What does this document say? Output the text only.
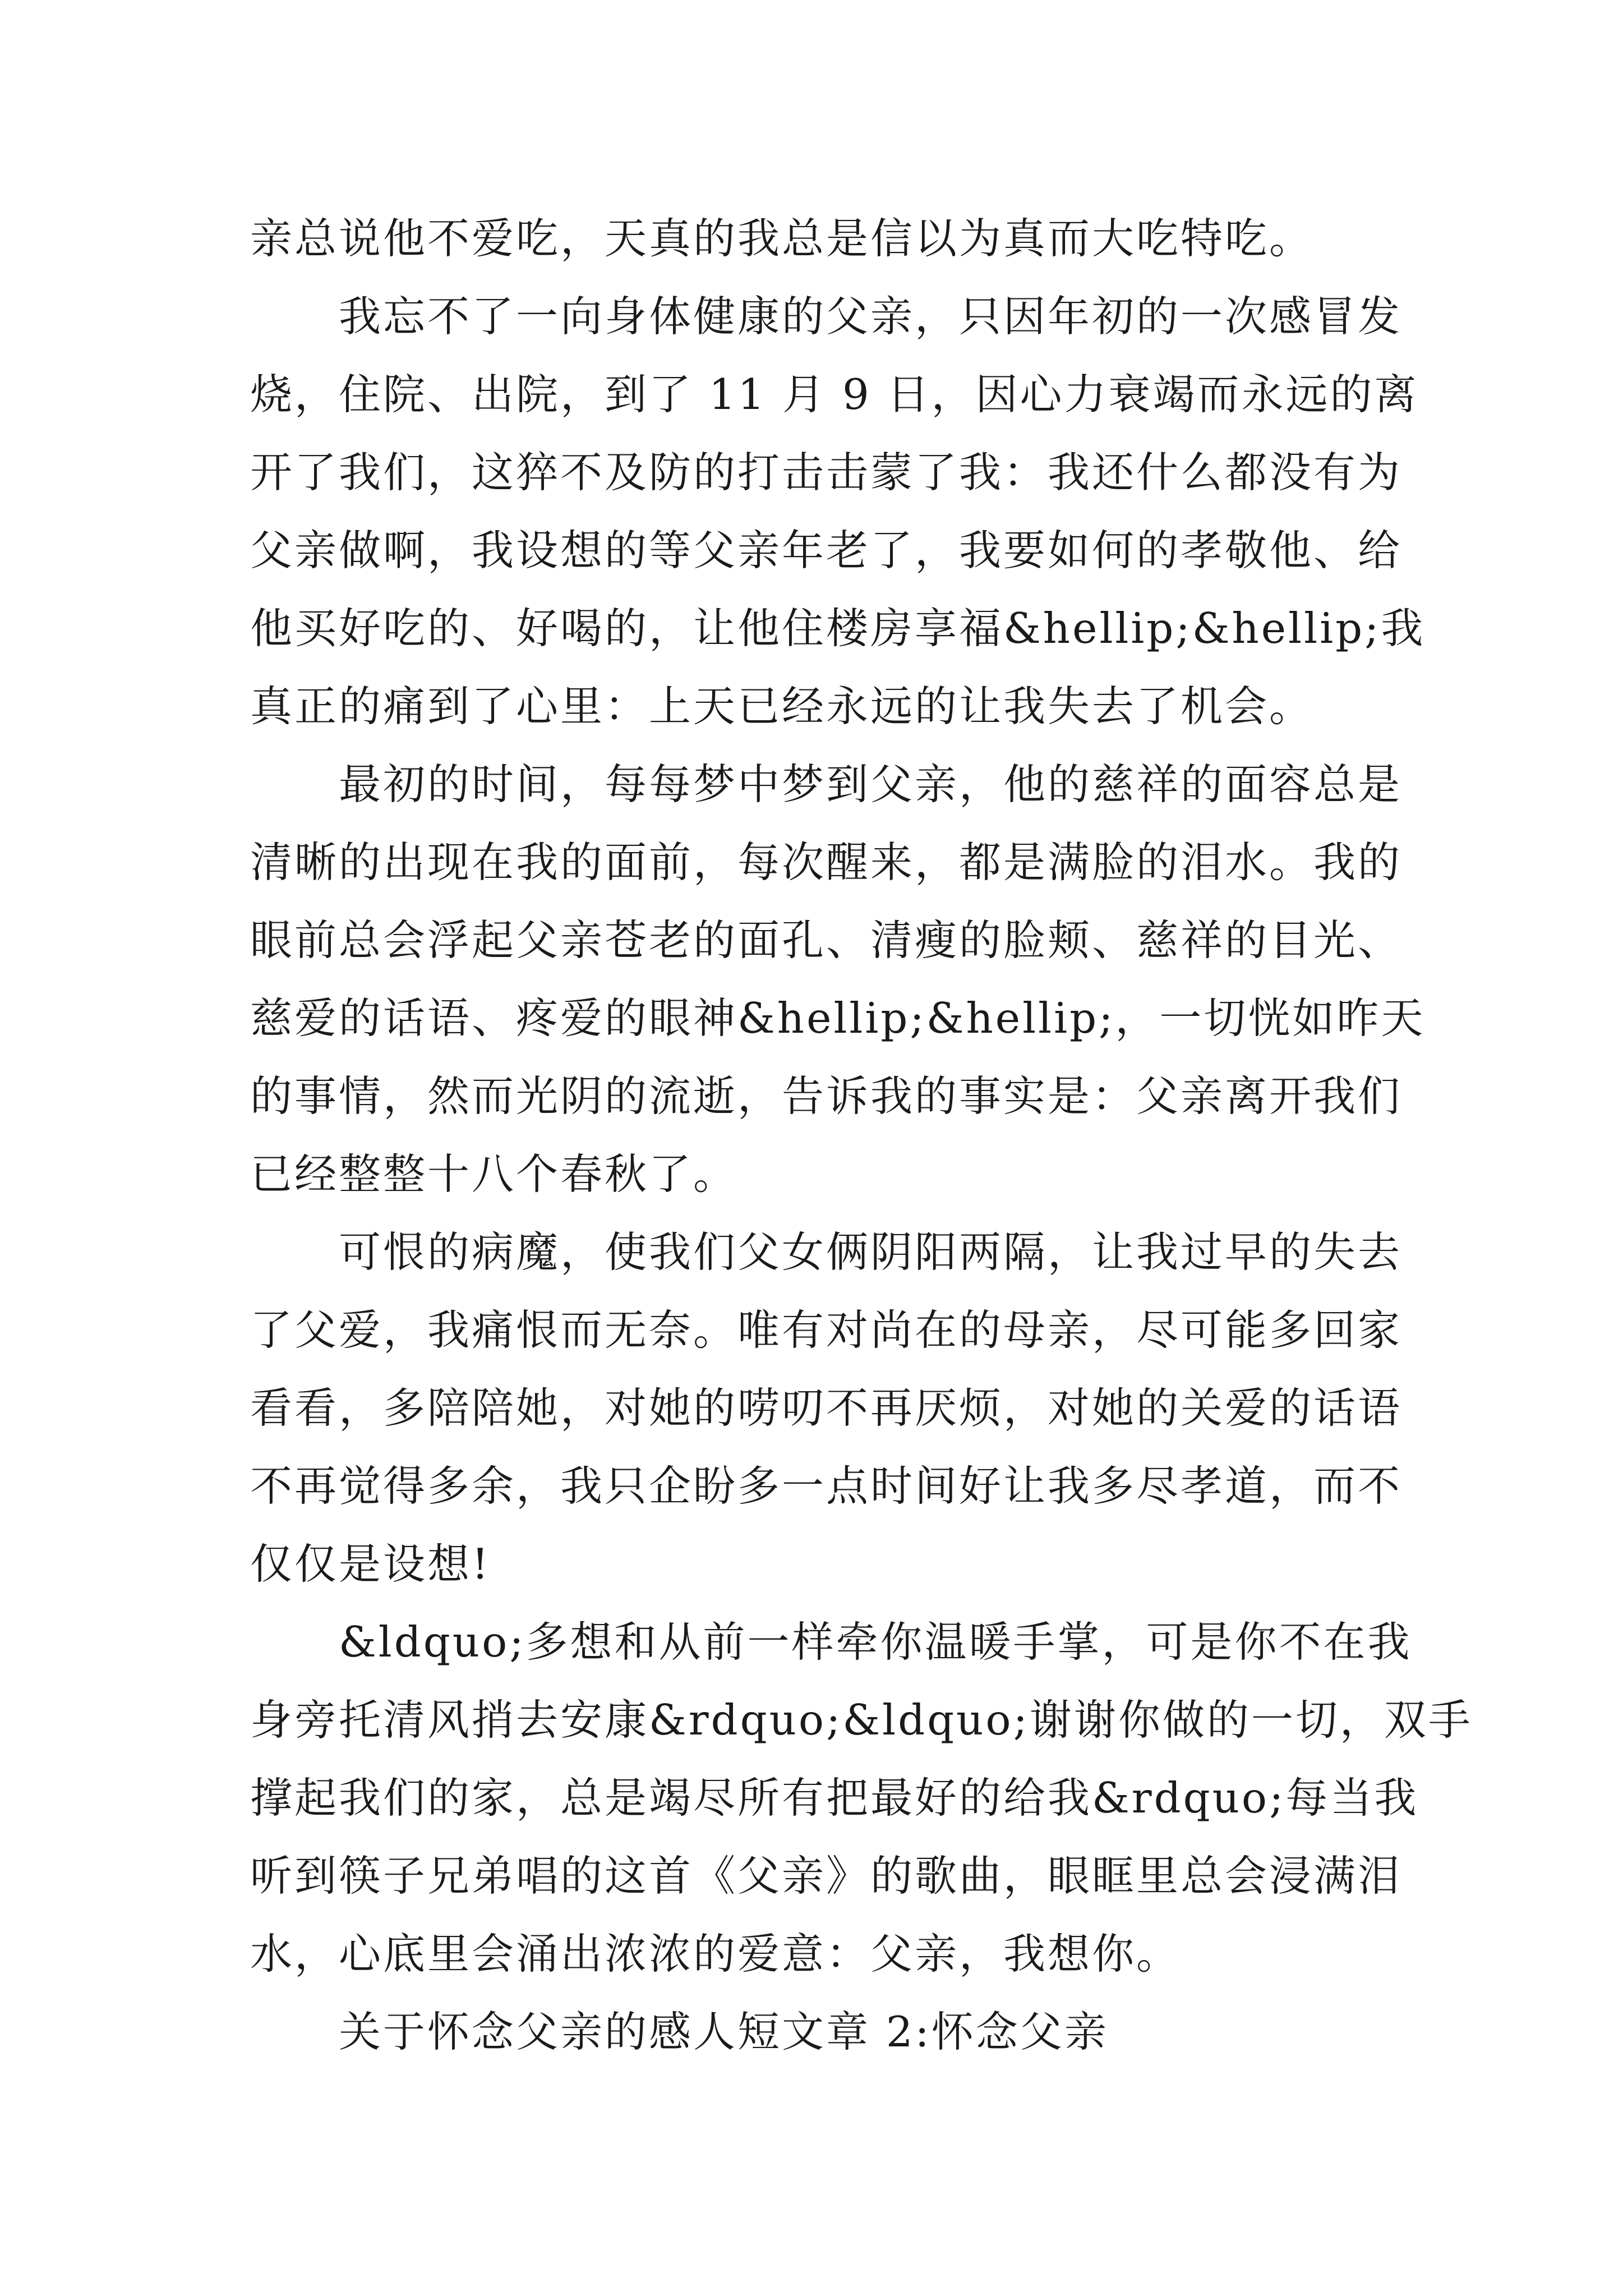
亲总说他不爱吃，天真的我总是信以为真而大吃特吃。
我忘不了一向身体健康的父亲，只因年初的一次感冒发
烧，住院、出院，到了 11 月 9 日，因心力衰竭而永远的离
开了我们，这猝不及防的打击击蒙了我：我还什么都没有为
父亲做啊，我设想的等父亲年老了，我要如何的孝敬他、给
他买好吃的、好喝的，让他住楼房享福&hellip;&hellip;我
真正的痛到了心里：上天已经永远的让我失去了机会。
最初的时间，每每梦中梦到父亲，他的慈祥的面容总是
清晰的出现在我的面前，每次醒来，都是满脸的泪水。我的
眼前总会浮起父亲苍老的面孔、清瘦的脸颊、慈祥的目光、
慈爱的话语、疼爱的眼神&hellip;&hellip;，一切恍如昨天
的事情，然而光阴的流逝，告诉我的事实是：父亲离开我们
已经整整十八个春秋了。
可恨的病魔，使我们父女俩阴阳两隔，让我过早的失去
了父爱，我痛恨而无奈。唯有对尚在的母亲，尽可能多回家
看看，多陪陪她，对她的唠叨不再厌烦，对她的关爱的话语
不再觉得多余，我只企盼多一点时间好让我多尽孝道，而不
仅仅是设想!
&ldquo;多想和从前一样牵你温暖手掌，可是你不在我
身旁托清风捎去安康&rdquo;&ldquo;谢谢你做的一切，双手
撑起我们的家，总是竭尽所有把最好的给我&rdquo;每当我
听到筷子兄弟唱的这首《父亲》的歌曲，眼眶里总会浸满泪
水，心底里会涌出浓浓的爱意：父亲，我想你。
关于怀念父亲的感人短文章 2:怀念父亲
